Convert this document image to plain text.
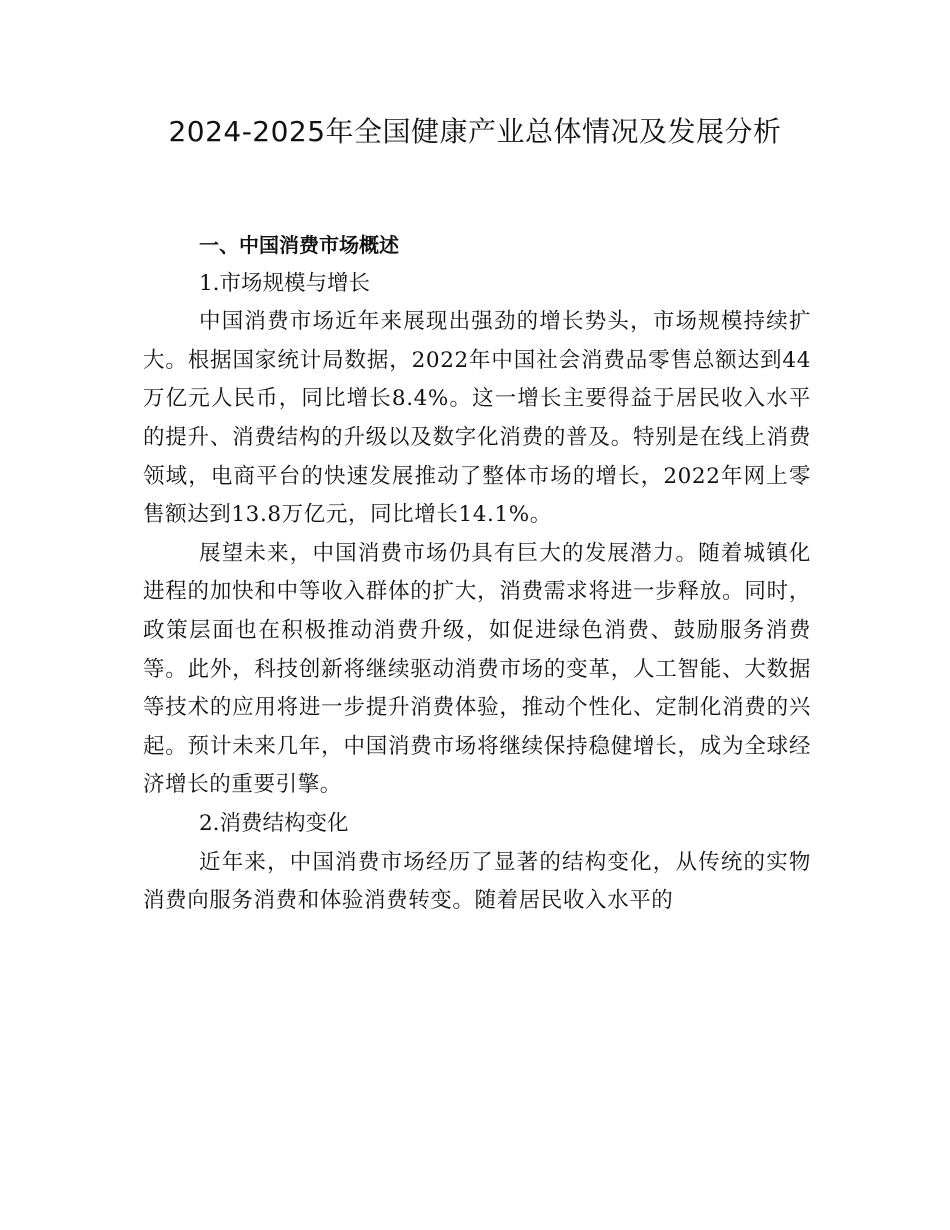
2024-2025年全国健康产业总体情况及发展分析

一、中国消费市场概述

1.市场规模与增长

中国消费市场近年来展现出强劲的增长势头，市场规模持续扩大。根据国家统计局数据，2022年中国社会消费品零售总额达到44万亿元人民币，同比增长8.4%。这一增长主要得益于居民收入水平的提升、消费结构的升级以及数字化消费的普及。特别是在线上消费领域，电商平台的快速发展推动了整体市场的增长，2022年网上零售额达到13.8万亿元，同比增长14.1%。

展望未来，中国消费市场仍具有巨大的发展潜力。随着城镇化进程的加快和中等收入群体的扩大，消费需求将进一步释放。同时，政策层面也在积极推动消费升级，如促进绿色消费、鼓励服务消费等。此外，科技创新将继续驱动消费市场的变革，人工智能、大数据等技术的应用将进一步提升消费体验，推动个性化、定制化消费的兴起。预计未来几年，中国消费市场将继续保持稳健增长，成为全球经济增长的重要引擎。

2.消费结构变化

近年来，中国消费市场经历了显著的结构变化，从传统的实物消费向服务消费和体验消费转变。随着居民收入水平的
